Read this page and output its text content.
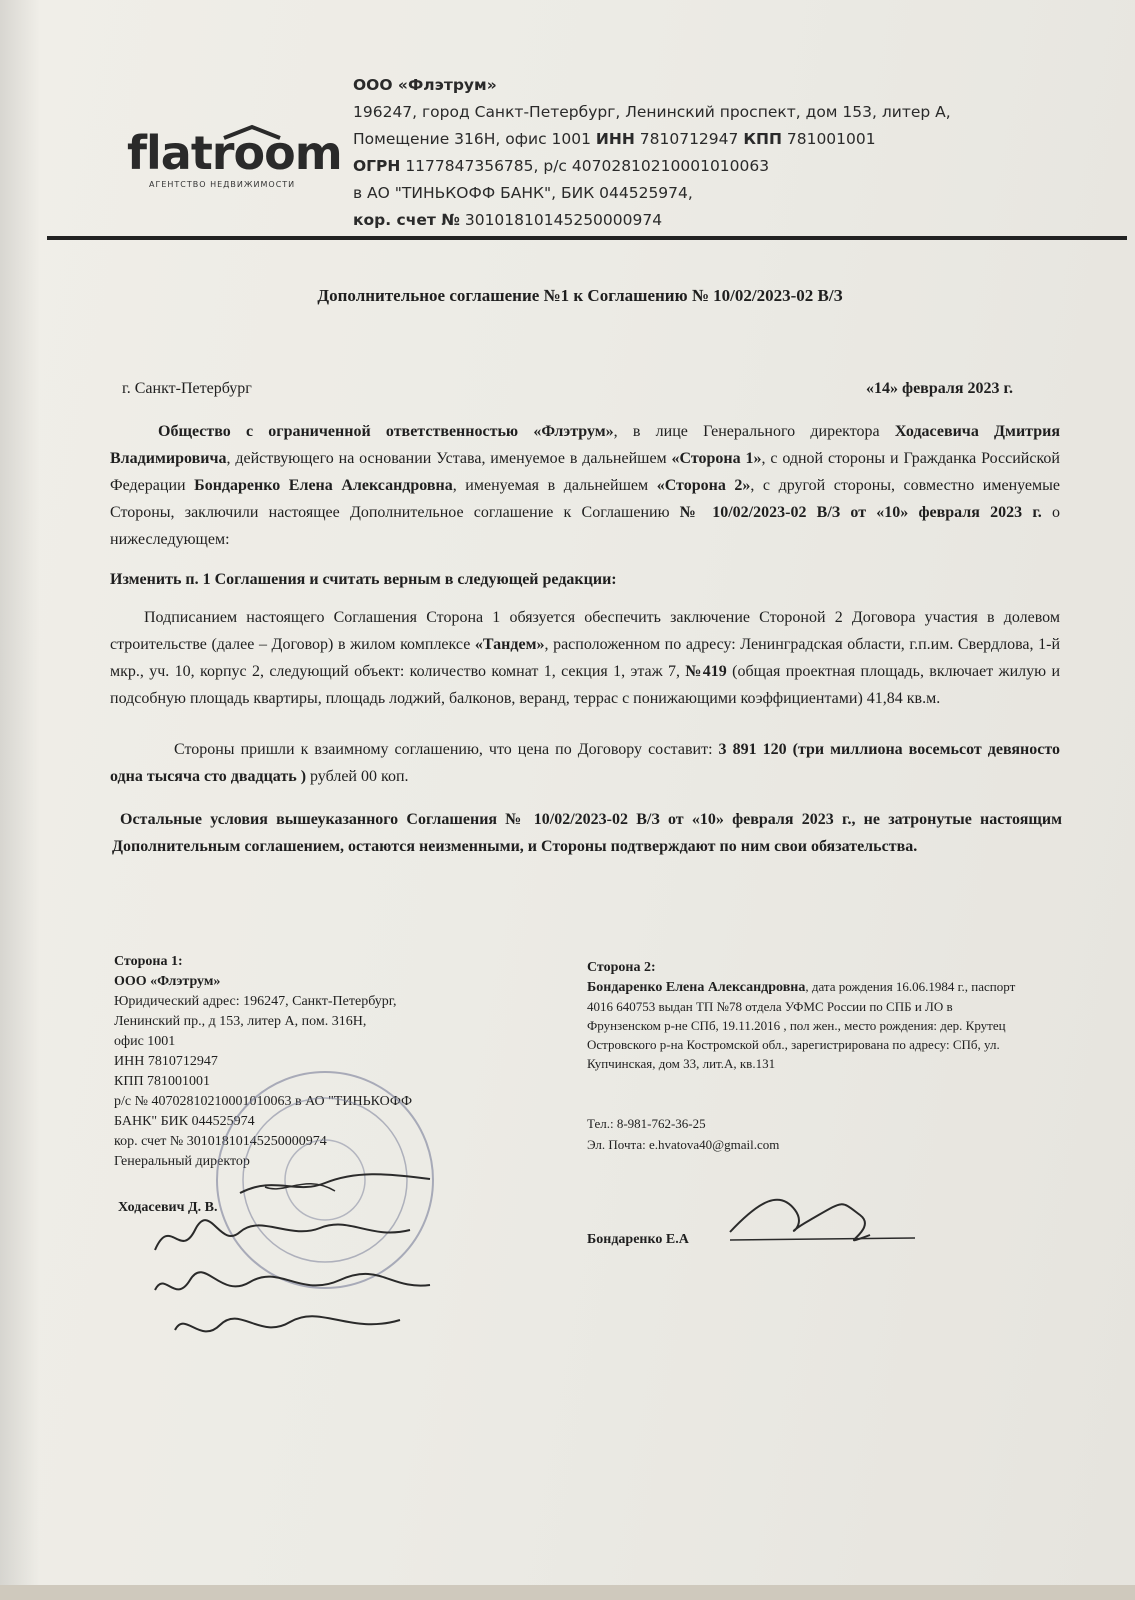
flatroom
АГЕНТСТВО НЕДВИЖИМОСТИ
ООО «Флэтрум»
196247, город Санкт-Петербург, Ленинский проспект, дом 153, литер А,
Помещение 316Н, офис 1001 ИНН 7810712947 КПП 781001001
ОГРН 1177847356785, р/с 40702810210001010063
в АО "ТИНЬКОФФ БАНК", БИК 044525974,
кор. счет № 30101810145250000974
Дополнительное соглашение №1 к Соглашению № 10/02/2023-02 В/З
г. Санкт-Петербург	«14» февраля 2023 г.
Общество с ограниченной ответственностью «Флэтрум», в лице Генерального директора Ходасевича Дмитрия Владимировича, действующего на основании Устава, именуемое в дальнейшем «Сторона 1», с одной стороны и Гражданка Российской Федерации Бондаренко Елена Александровна, именуемая в дальнейшем «Сторона 2», с другой стороны, совместно именуемые Стороны, заключили настоящее Дополнительное соглашение к Соглашению № 10/02/2023-02 В/З от «10» февраля 2023 г. о нижеследующем:
Изменить п. 1 Соглашения и считать верным в следующей редакции:
Подписанием настоящего Соглашения Сторона 1 обязуется обеспечить заключение Стороной 2 Договора участия в долевом строительстве (далее – Договор) в жилом комплексе «Тандем», расположенном по адресу: Ленинградская области, г.п.им. Свердлова, 1-й мкр., уч. 10, корпус 2, следующий объект: количество комнат 1, секция 1, этаж 7, №419 (общая проектная площадь, включает жилую и подсобную площадь квартиры, площадь лоджий, балконов, веранд, террас с понижающими коэффициентами) 41,84 кв.м.
Стороны пришли к взаимному соглашению, что цена по Договору составит: 3 891 120 (три миллиона восемьсот девяносто одна тысяча сто двадцать ) рублей 00 коп.
Остальные условия вышеуказанного Соглашения № 10/02/2023-02 В/З от «10» февраля 2023 г., не затронутые настоящим Дополнительным соглашением, остаются неизменными, и Стороны подтверждают по ним свои обязательства.
Сторона 1:
ООО «Флэтрум»
Юридический адрес: 196247, Санкт-Петербург,
Ленинский пр., д 153, литер А, пом. 316Н,
офис 1001
ИНН 7810712947
КПП 781001001
р/с № 40702810210001010063 в АО "ТИНЬКОФФ
БАНК" БИК 044525974
кор. счет № 30101810145250000974
Генеральный директор
Ходасевич Д. В.
Сторона 2:
Бондаренко Елена Александровна, дата рождения 16.06.1984 г., паспорт 4016 640753 выдан ТП №78 отдела УФМС России по СПБ и ЛО в Фрунзенском р-не СПб, 19.11.2016 , пол жен., место рождения: дер. Крутец Островского р-на Костромской обл., зарегистрирована по адресу: СПб, ул. Купчинская, дом 33, лит.А, кв.131
Тел.: 8-981-762-36-25
Эл. Почта: e.hvatova40@gmail.com
Бондаренко Е.А
